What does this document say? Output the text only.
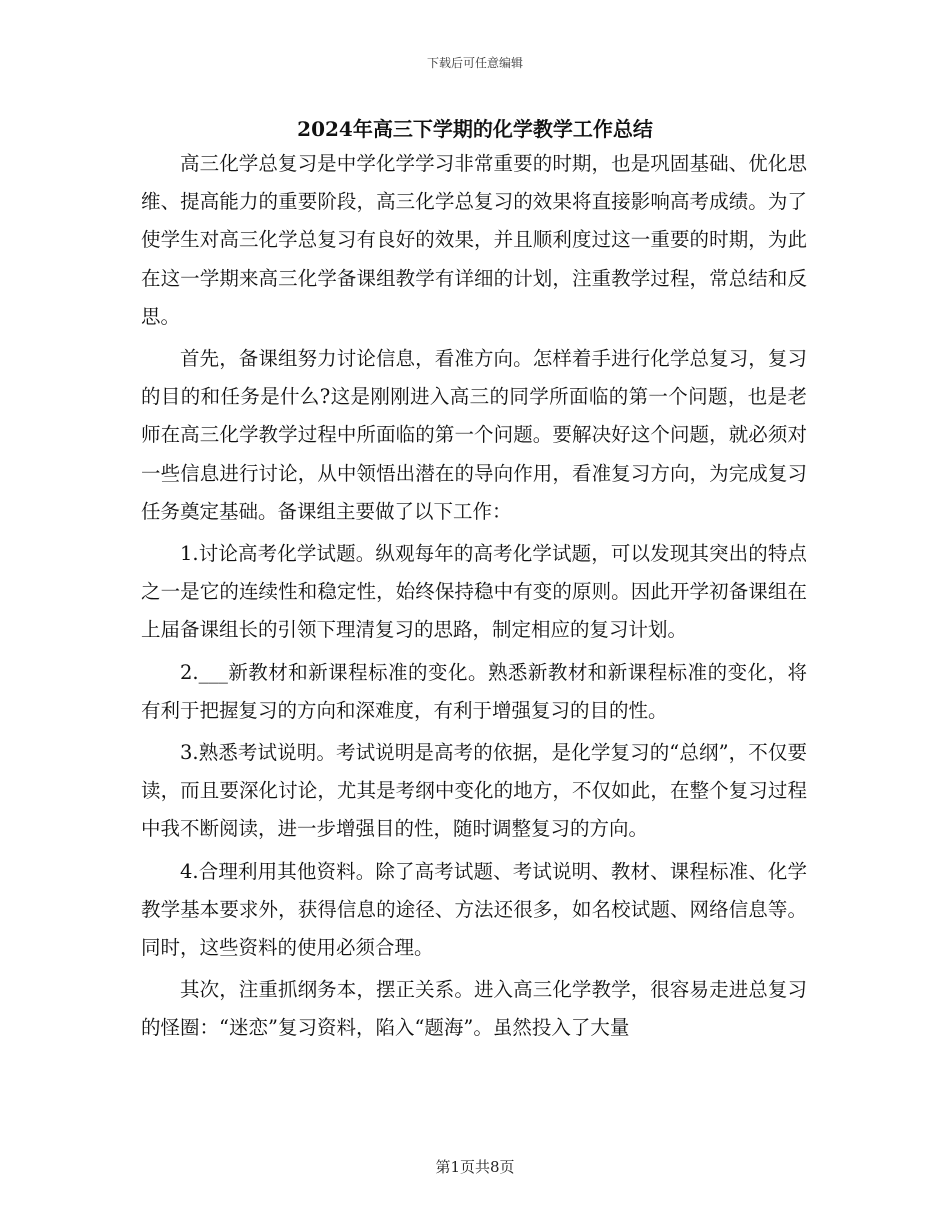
下载后可任意编辑
2024年高三下学期的化学教学工作总结

高三化学总复习是中学化学学习非常重要的时期，也是巩固基础、优化思维、提高能力的重要阶段，高三化学总复习的效果将直接影响高考成绩。为了使学生对高三化学总复习有良好的效果，并且顺利度过这一重要的时期，为此在这一学期来高三化学备课组教学有详细的计划，注重教学过程，常总结和反思。

首先，备课组努力讨论信息，看准方向。怎样着手进行化学总复习，复习的目的和任务是什么?这是刚刚进入高三的同学所面临的第一个问题，也是老师在高三化学教学过程中所面临的第一个问题。要解决好这个问题，就必须对一些信息进行讨论，从中领悟出潜在的导向作用，看准复习方向，为完成复习任务奠定基础。备课组主要做了以下工作：

1.讨论高考化学试题。纵观每年的高考化学试题，可以发现其突出的特点之一是它的连续性和稳定性，始终保持稳中有变的原则。因此开学初备课组在上届备课组长的引领下理清复习的思路，制定相应的复习计划。

2.___新教材和新课程标准的变化。熟悉新教材和新课程标准的变化，将有利于把握复习的方向和深难度，有利于增强复习的目的性。

3.熟悉考试说明。考试说明是高考的依据，是化学复习的“总纲”，不仅要读，而且要深化讨论，尤其是考纲中变化的地方，不仅如此，在整个复习过程中我不断阅读，进一步增强目的性，随时调整复习的方向。

4.合理利用其他资料。除了高考试题、考试说明、教材、课程标准、化学教学基本要求外，获得信息的途径、方法还很多，如名校试题、网络信息等。同时，这些资料的使用必须合理。

其次，注重抓纲务本，摆正关系。进入高三化学教学，很容易走进总复习的怪圈：“迷恋”复习资料，陷入“题海”。虽然投入了大量

第1页共8页
